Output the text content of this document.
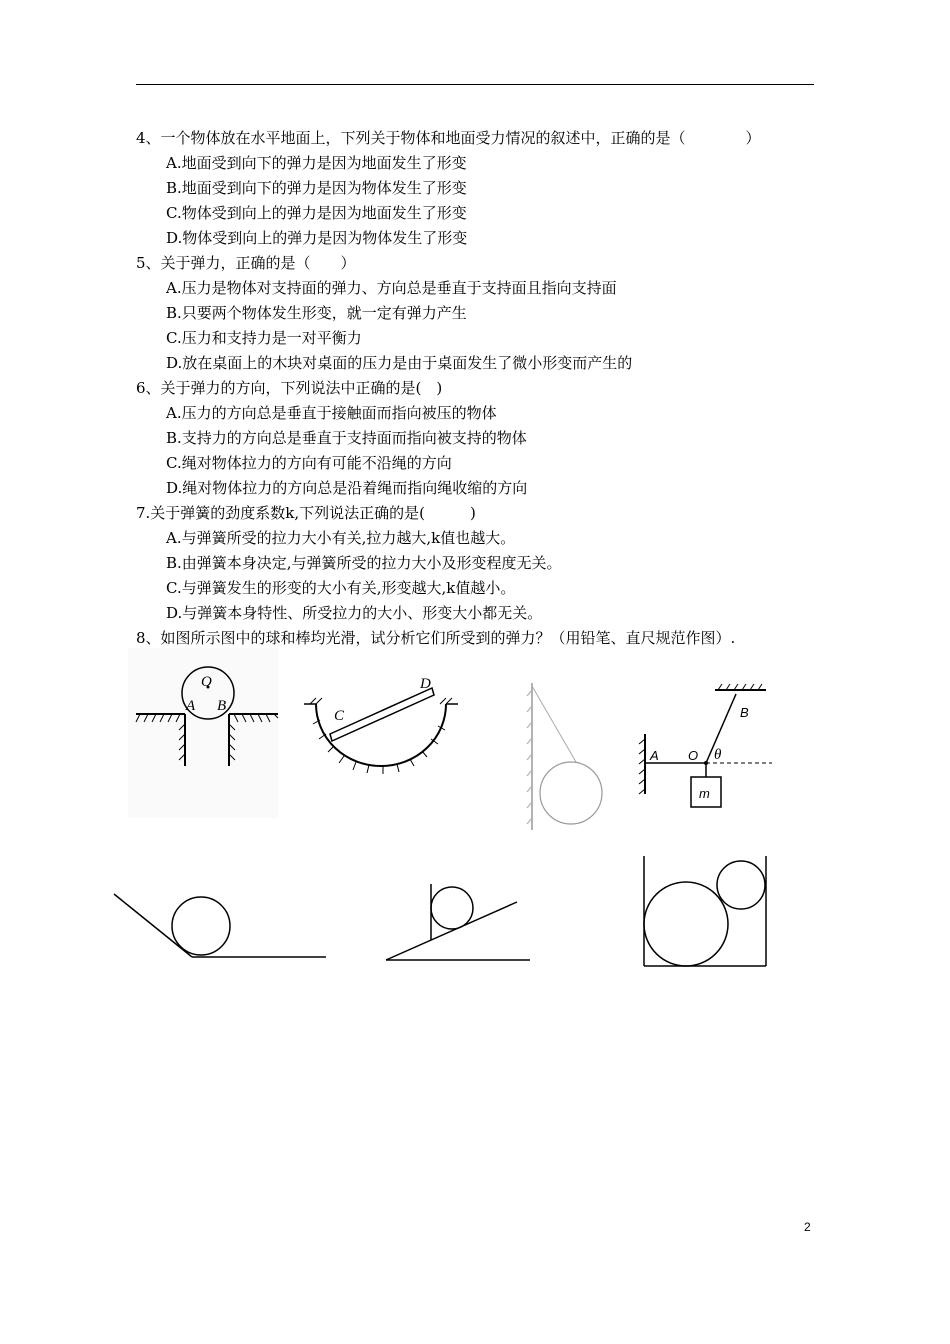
4、一个物体放在水平地面上，下列关于物体和地面受力情况的叙述中，正确的是（　　　　）
A.地面受到向下的弹力是因为地面发生了形变
B.地面受到向下的弹力是因为物体发生了形变
C.物体受到向上的弹力是因为地面发生了形变
D.物体受到向上的弹力是因为物体发生了形变
5、关于弹力，正确的是（　　）
A.压力是物体对支持面的弹力、方向总是垂直于支持面且指向支持面
B.只要两个物体发生形变，就一定有弹力产生
C.压力和支持力是一对平衡力
D.放在桌面上的木块对桌面的压力是由于桌面发生了微小形变而产生的
6、关于弹力的方向，下列说法中正确的是(　)
A.压力的方向总是垂直于接触面而指向被压的物体
B.支持力的方向总是垂直于支持面而指向被支持的物体
C.绳对物体拉力的方向有可能不沿绳的方向
D.绳对物体拉力的方向总是沿着绳而指向绳收缩的方向
7.关于弹簧的劲度系数k,下列说法正确的是(　　　)
A.与弹簧所受的拉力大小有关,拉力越大,k值也越大。
B.由弹簧本身决定,与弹簧所受的拉力大小及形变程度无关。
C.与弹簧发生的形变的大小有关,形变越大,k值越小。
D.与弹簧本身特性、所受拉力的大小、形变大小都无关。
8、如图所示图中的球和棒均光滑，试分析它们所受到的弹力？（用铅笔、直尺规范作图）.
O
A B
C
D
A O
B
θ
m
2
